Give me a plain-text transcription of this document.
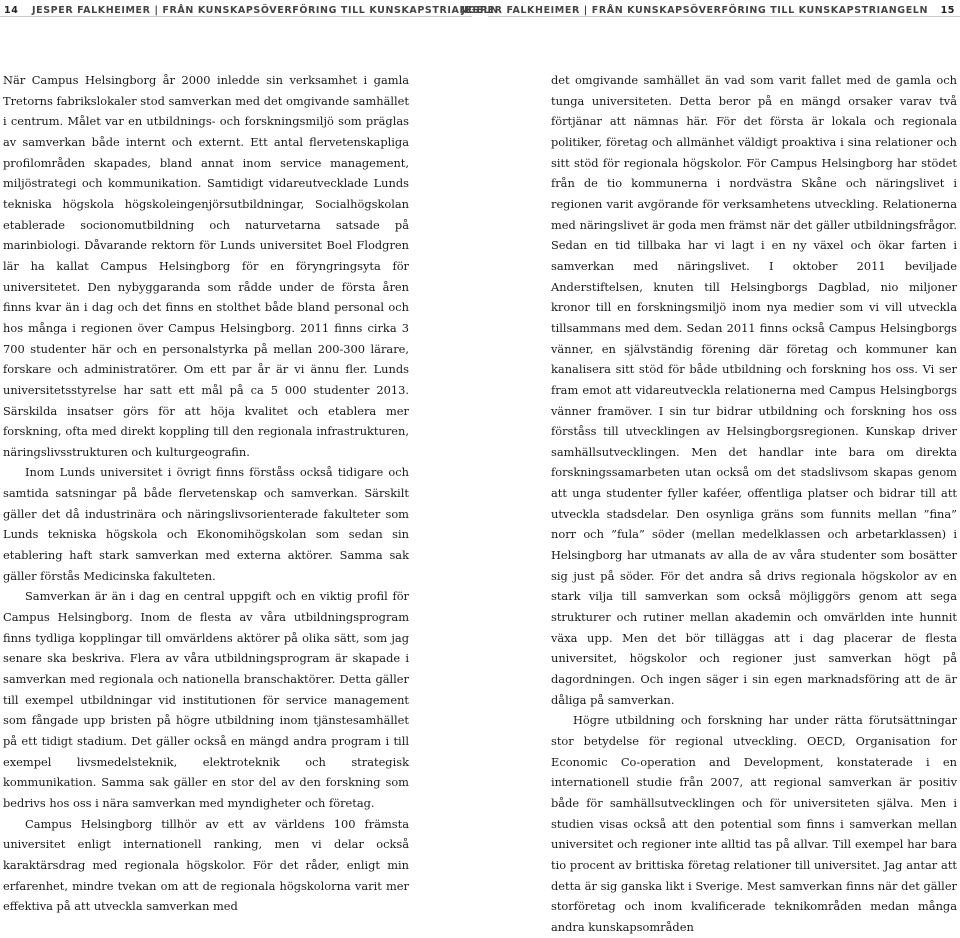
14 JESPER FALKHEIMER | FRÅN KUNSKAPSÖVERFÖRING TILL KUNSKAPSTRIANGELN
JESPER FALKHEIMER | FRÅN KUNSKAPSÖVERFÖRING TILL KUNSKAPSTRIANGELN 15

När Campus Helsingborg år 2000 inledde sin verksamhet i gamla Tretorns fabrikslokaler stod samverkan med det omgivande samhället i centrum. Målet var en utbildnings- och forskningsmiljö som präglas av samverkan både internt och externt. Ett antal flervetenskapliga profilområden skapades, bland annat inom service management, miljöstrategi och kommunikation. Samtidigt vidareutvecklade Lunds tekniska högskola högskoleingenjörsutbildningar, Socialhögskolan etablerade socionomutbildning och naturvetarna satsade på marinbiologi. Dåvarande rektorn för Lunds universitet Boel Flodgren lär ha kallat Campus Helsingborg för en föryngringsyta för universitetet. Den nybyggaranda som rådde under de första åren finns kvar än i dag och det finns en stolthet både bland personal och hos många i regionen över Campus Helsingborg. 2011 finns cirka 3 700 studenter här och en personalstyrka på mellan 200-300 lärare, forskare och administratörer. Om ett par år är vi ännu fler. Lunds universitetsstyrelse har satt ett mål på ca 5 000 studenter 2013. Särskilda insatser görs för att höja kvalitet och etablera mer forskning, ofta med direkt koppling till den regionala infrastrukturen, näringslivsstrukturen och kulturgeografin.

Inom Lunds universitet i övrigt finns förståss också tidigare och samtida satsningar på både flervetenskap och samverkan. Särskilt gäller det då industrinära och näringslivsorienterade fakulteter som Lunds tekniska högskola och Ekonomihögskolan som sedan sin etablering haft stark samverkan med externa aktörer. Samma sak gäller förstås Medicinska fakulteten.

Samverkan är än i dag en central uppgift och en viktig profil för Campus Helsingborg. Inom de flesta av våra utbildningsprogram finns tydliga kopplingar till omvärldens aktörer på olika sätt, som jag senare ska beskriva. Flera av våra utbildningsprogram är skapade i samverkan med regionala och nationella branschaktörer. Detta gäller till exempel utbildningar vid institutionen för service management som fångade upp bristen på högre utbildning inom tjänstesamhället på ett tidigt stadium. Det gäller också en mängd andra program i till exempel livsmedelsteknik, elektroteknik och strategisk kommunikation. Samma sak gäller en stor del av den forskning som bedrivs hos oss i nära samverkan med myndigheter och företag.

Campus Helsingborg tillhör av ett av världens 100 främsta universitet enligt internationell ranking, men vi delar också karaktärsdrag med regionala högskolor. För det råder, enligt min erfarenhet, mindre tvekan om att de regionala högskolorna varit mer effektiva på att utveckla samverkan med

det omgivande samhället än vad som varit fallet med de gamla och tunga universiteten. Detta beror på en mängd orsaker varav två förtjänar att nämnas här. För det första är lokala och regionala politiker, företag och allmänhet väldigt proaktiva i sina relationer och sitt stöd för regionala högskolor. För Campus Helsingborg har stödet från de tio kommunerna i nordvästra Skåne och näringslivet i regionen varit avgörande för verksamhetens utveckling. Relationerna med näringslivet är goda men främst när det gäller utbildningsfrågor. Sedan en tid tillbaka har vi lagt i en ny växel och ökar farten i samverkan med näringslivet. I oktober 2011 beviljade Anderstiftelsen, knuten till Helsingborgs Dagblad, nio miljoner kronor till en forskningsmiljö inom nya medier som vi vill utveckla tillsammans med dem. Sedan 2011 finns också Campus Helsingborgs vänner, en självständig förening där företag och kommuner kan kanalisera sitt stöd för både utbildning och forskning hos oss. Vi ser fram emot att vidareutveckla relationerna med Campus Helsingborgs vänner framöver. I sin tur bidrar utbildning och forskning hos oss förståss till utvecklingen av Helsingborgsregionen. Kunskap driver samhällsutvecklingen. Men det handlar inte bara om direkta forskningssamarbeten utan också om det stadslivsom skapas genom att unga studenter fyller kaféer, offentliga platser och bidrar till att utveckla stadsdelar. Den osynliga gräns som funnits mellan ”fina” norr och ”fula” söder (mellan medelklassen och arbetarklassen) i Helsingborg har utmanats av alla de av våra studenter som bosätter sig just på söder. För det andra så drivs regionala högskolor av en stark vilja till samverkan som också möjliggörs genom att sega strukturer och rutiner mellan akademin och omvärlden inte hunnit växa upp. Men det bör tilläggas att i dag placerar de flesta universitet, högskolor och regioner just samverkan högt på dagordningen. Och ingen säger i sin egen marknadsföring att de är dåliga på samverkan.

Högre utbildning och forskning har under rätta förutsättningar stor betydelse för regional utveckling. OECD, Organisation for Economic Co-operation and Development, konstaterade i en internationell studie från 2007, att regional samverkan är positiv både för samhällsutvecklingen och för universiteten själva. Men i studien visas också att den potential som finns i samverkan mellan universitet och regioner inte alltid tas på allvar. Till exempel har bara tio procent av brittiska företag relationer till universitet. Jag antar att detta är sig ganska likt i Sverige. Mest samverkan finns när det gäller storföretag och inom kvalificerade teknikområden medan många andra kunskapsområden
